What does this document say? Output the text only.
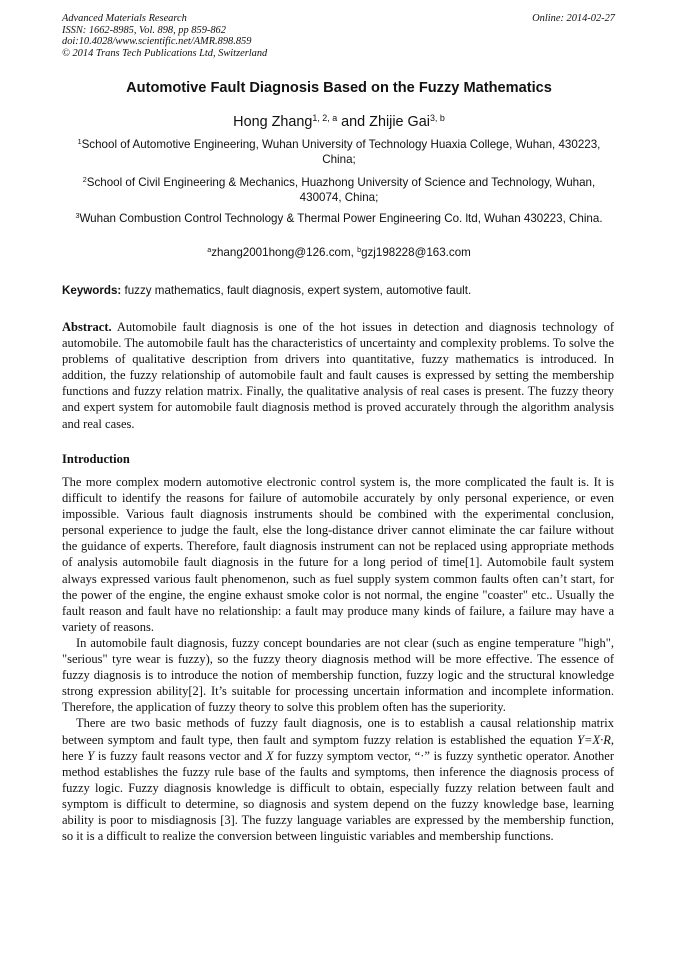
Advanced Materials Research
ISSN: 1662-8985, Vol. 898, pp 859-862
doi:10.4028/www.scientific.net/AMR.898.859
© 2014 Trans Tech Publications Ltd, Switzerland
Online: 2014-02-27
Automotive Fault Diagnosis Based on the Fuzzy Mathematics
Hong Zhang$^{1, 2, a}$ and Zhijie Gai$^{3, b}$
$^1$School of Automotive Engineering, Wuhan University of Technology Huaxia College, Wuhan, 430223, China;
$^2$School of Civil Engineering & Mechanics, Huazhong University of Science and Technology, Wuhan, 430074, China;
$^3$Wuhan Combustion Control Technology & Thermal Power Engineering Co. ltd, Wuhan 430223, China.
$^a$zhang2001hong@126.com, $^b$gzj198228@163.com
Keywords: fuzzy mathematics, fault diagnosis, expert system, automotive fault.
Abstract. Automobile fault diagnosis is one of the hot issues in detection and diagnosis technology of automobile. The automobile fault has the characteristics of uncertainty and complexity problems. To solve the problems of qualitative description from drivers into quantitative, fuzzy mathematics is introduced. In addition, the fuzzy relationship of automobile fault and fault causes is expressed by setting the membership functions and fuzzy relation matrix. Finally, the qualitative analysis of real cases is present. The fuzzy theory and expert system for automobile fault diagnosis method is proved accurately through the algorithm analysis and real cases.
Introduction

The more complex modern automotive electronic control system is, the more complicated the fault is. It is difficult to identify the reasons for failure of automobile accurately by only personal experience, or even impossible. Various fault diagnosis instruments should be combined with the experimental conclusion, personal experience to judge the fault, else the long-distance driver cannot eliminate the car failure without the guidance of experts. Therefore, fault diagnosis instrument can not be replaced using appropriate methods of analysis automobile fault diagnosis in the future for a long period of time[1]. Automobile fault system always expressed various fault phenomenon, such as fuel supply system common faults often can’t start, for the power of the engine, the engine exhaust smoke color is not normal, the engine "coaster" etc.. Usually the fault reason and fault have no relationship: a fault may produce many kinds of failure, a failure may have a variety of reasons.

In automobile fault diagnosis, fuzzy concept boundaries are not clear (such as engine temperature "high", "serious" tyre wear is fuzzy), so the fuzzy theory diagnosis method will be more effective. The essence of fuzzy diagnosis is to introduce the notion of membership function, fuzzy logic and the structural knowledge strong expression ability[2]. It’s suitable for processing uncertain information and incomplete information. Therefore, the application of fuzzy theory to solve this problem often has the superiority.

There are two basic methods of fuzzy fault diagnosis, one is to establish a causal relationship matrix between symptom and fault type, then fault and symptom fuzzy relation is established the equation Y=X·R, here Y is fuzzy fault reasons vector and X for fuzzy symptom vector, “·” is fuzzy synthetic operator. Another method establishes the fuzzy rule base of the faults and symptoms, then inference the diagnosis process of fuzzy logic. Fuzzy diagnosis knowledge is difficult to obtain, especially fuzzy relation between fault and symptom is difficult to determine, so diagnosis and system depend on the fuzzy knowledge base, learning ability is poor to misdiagnosis [3]. The fuzzy language variables are expressed by the membership function, so it is a difficult to realize the conversion between linguistic variables and membership functions.
